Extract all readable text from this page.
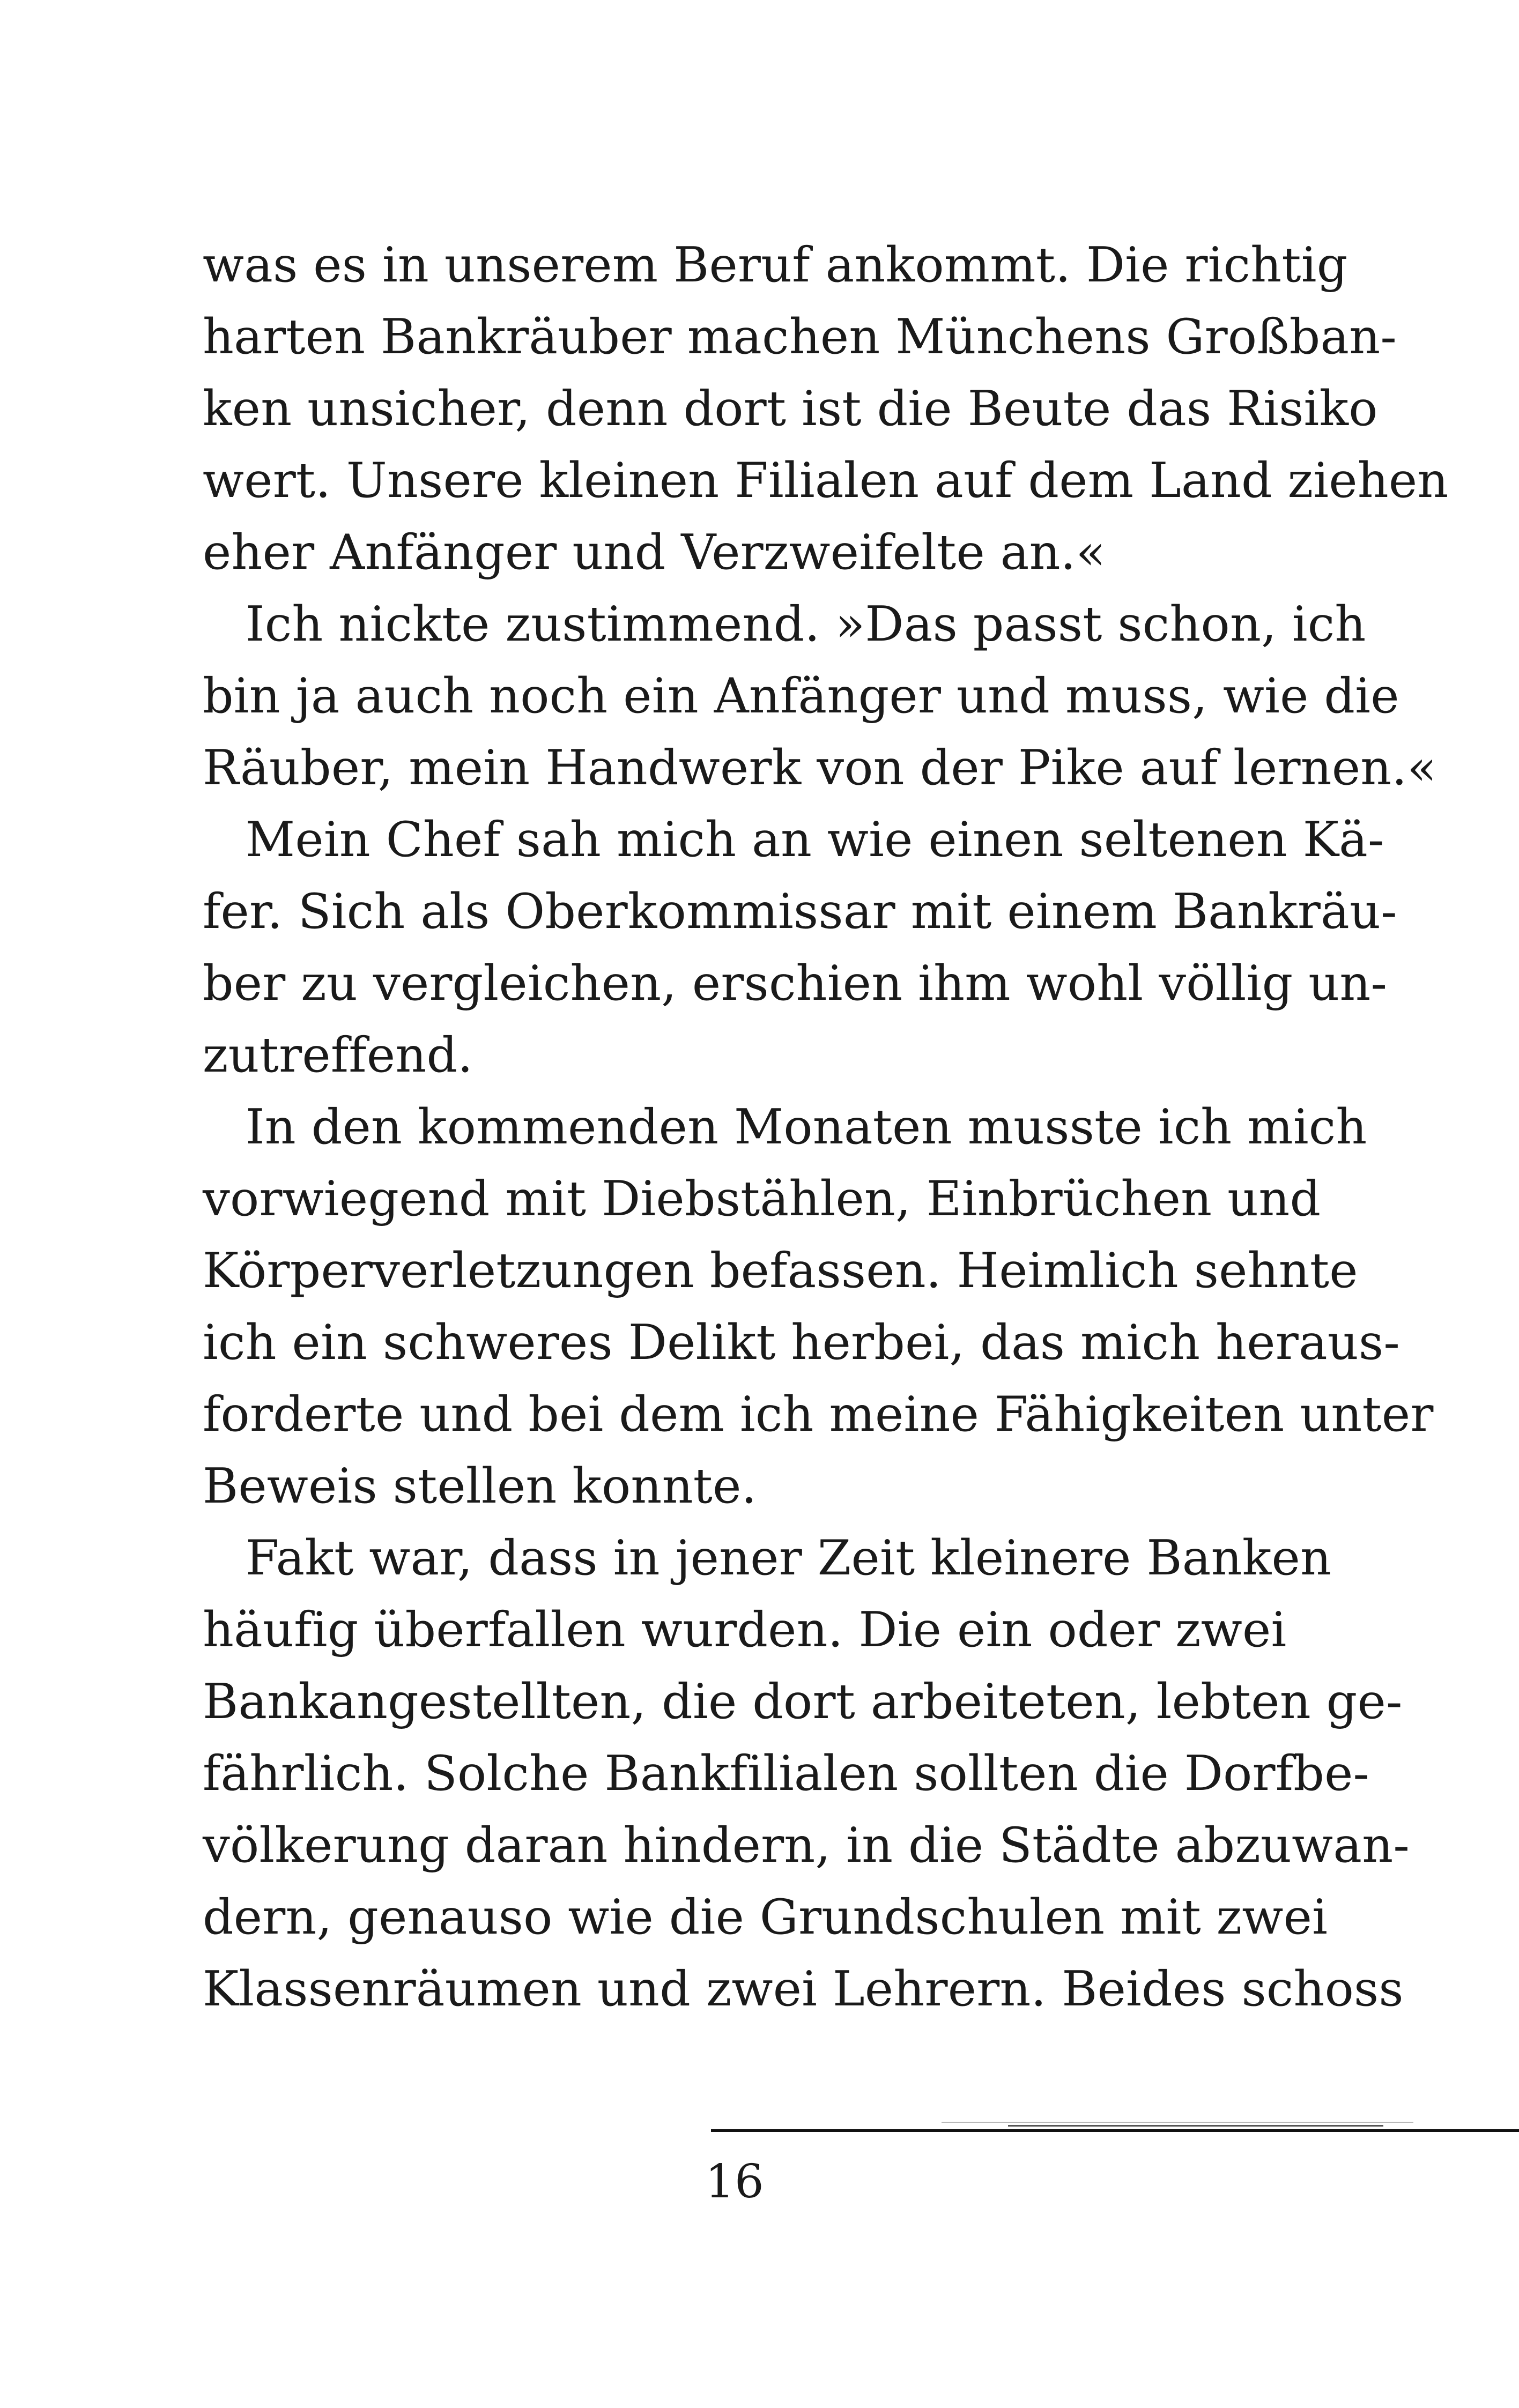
was es in unserem Beruf ankommt. Die richtig
harten Bankräuber machen Münchens Großban-
ken unsicher, denn dort ist die Beute das Risiko
wert. Unsere kleinen Filialen auf dem Land ziehen
eher Anfänger und Verzweifelte an.«
Ich nickte zustimmend. »Das passt schon, ich
bin ja auch noch ein Anfänger und muss, wie die
Räuber, mein Handwerk von der Pike auf lernen.«
Mein Chef sah mich an wie einen seltenen Kä-
fer. Sich als Oberkommissar mit einem Bankräu-
ber zu vergleichen, erschien ihm wohl völlig un-
zutreffend.
In den kommenden Monaten musste ich mich
vorwiegend mit Diebstählen, Einbrüchen und
Körperverletzungen befassen. Heimlich sehnte
ich ein schweres Delikt herbei, das mich heraus-
forderte und bei dem ich meine Fähigkeiten unter
Beweis stellen konnte.
Fakt war, dass in jener Zeit kleinere Banken
häufig überfallen wurden. Die ein oder zwei
Bankangestellten, die dort arbeiteten, lebten ge-
fährlich. Solche Bankfilialen sollten die Dorfbe-
völkerung daran hindern, in die Städte abzuwan-
dern, genauso wie die Grundschulen mit zwei
Klassenräumen und zwei Lehrern. Beides schoss
16
